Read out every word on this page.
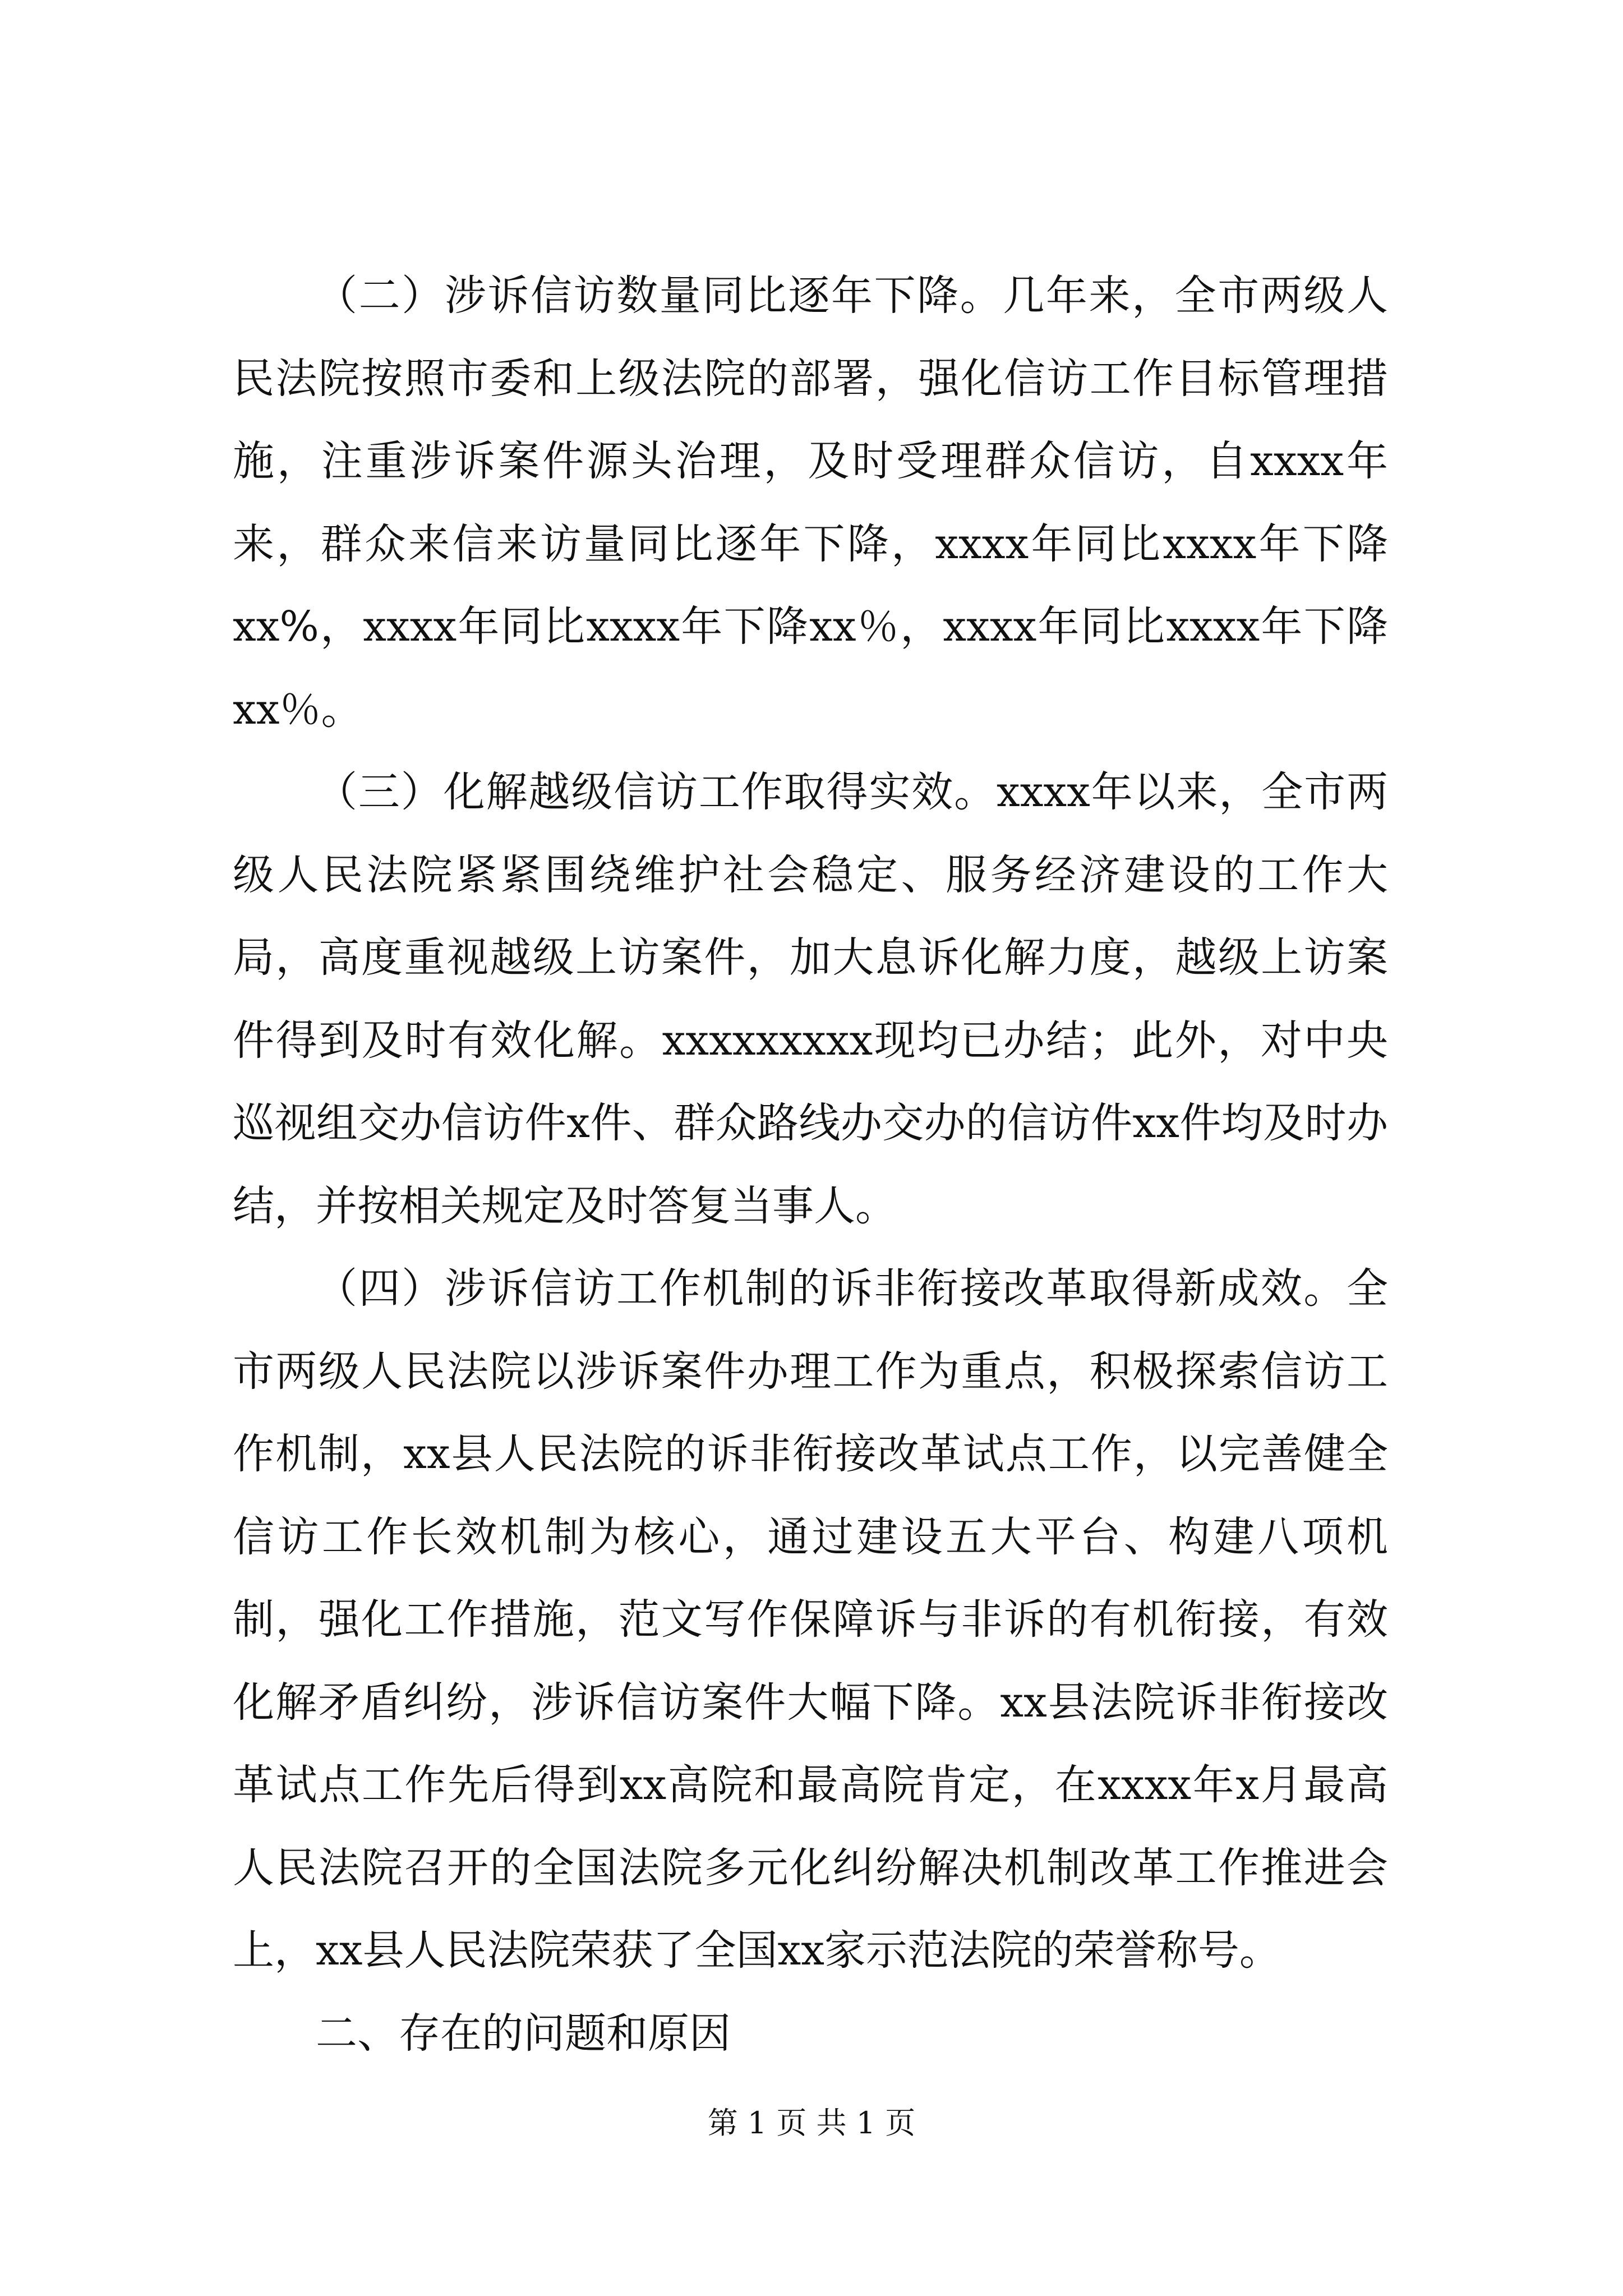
（二）涉诉信访数量同比逐年下降。几年来，全市两级人民法院按照市委和上级法院的部署，强化信访工作目标管理措施，注重涉诉案件源头治理，及时受理群众信访，自xxxx年来，群众来信来访量同比逐年下降，xxxx年同比xxxx年下降xx%，xxxx年同比xxxx年下降xx％，xxxx年同比xxxx年下降xx％。

（三）化解越级信访工作取得实效。xxxx年以来，全市两级人民法院紧紧围绕维护社会稳定、服务经济建设的工作大局，高度重视越级上访案件，加大息诉化解力度，越级上访案件得到及时有效化解。xxxxxxxxx现均已办结；此外，对中央巡视组交办信访件x件、群众路线办交办的信访件xx件均及时办结，并按相关规定及时答复当事人。

（四）涉诉信访工作机制的诉非衔接改革取得新成效。全市两级人民法院以涉诉案件办理工作为重点，积极探索信访工作机制，xx县人民法院的诉非衔接改革试点工作，以完善健全信访工作长效机制为核心，通过建设五大平台、构建八项机制，强化工作措施，范文写作保障诉与非诉的有机衔接，有效化解矛盾纠纷，涉诉信访案件大幅下降。xx县法院诉非衔接改革试点工作先后得到xx高院和最高院肯定，在xxxx年x月最高人民法院召开的全国法院多元化纠纷解决机制改革工作推进会上，xx县人民法院荣获了全国xx家示范法院的荣誉称号。

二、存在的问题和原因

第 1 页 共 1 页
